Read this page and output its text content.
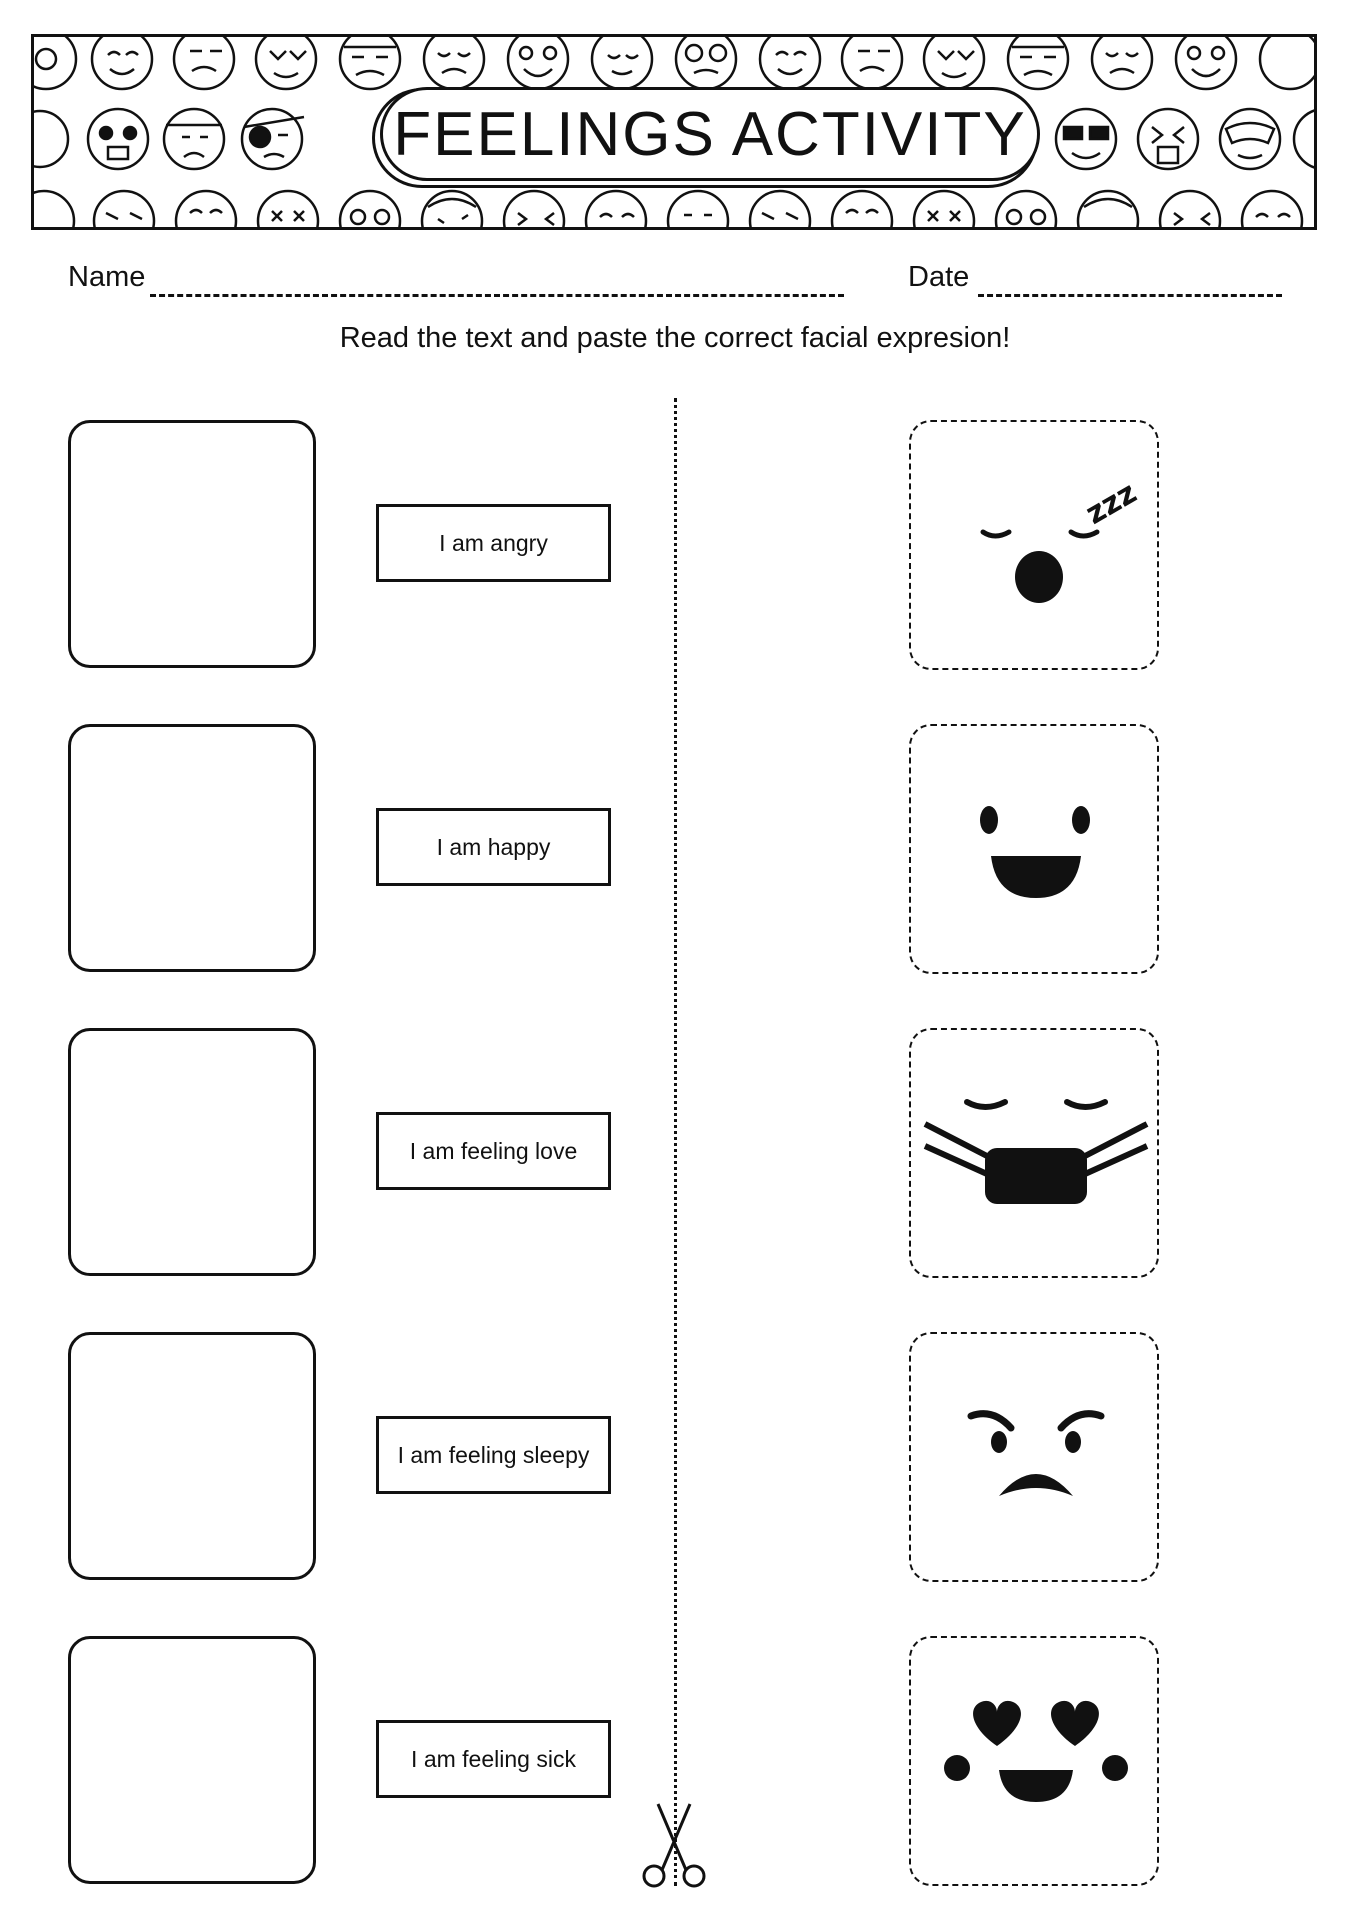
FEELINGS ACTIVITY
Name	Date
Read the text and paste the correct facial expresion!
I am angry
I am happy
I am feeling love
I am feeling sleepy
I am feeling sick
zzz
